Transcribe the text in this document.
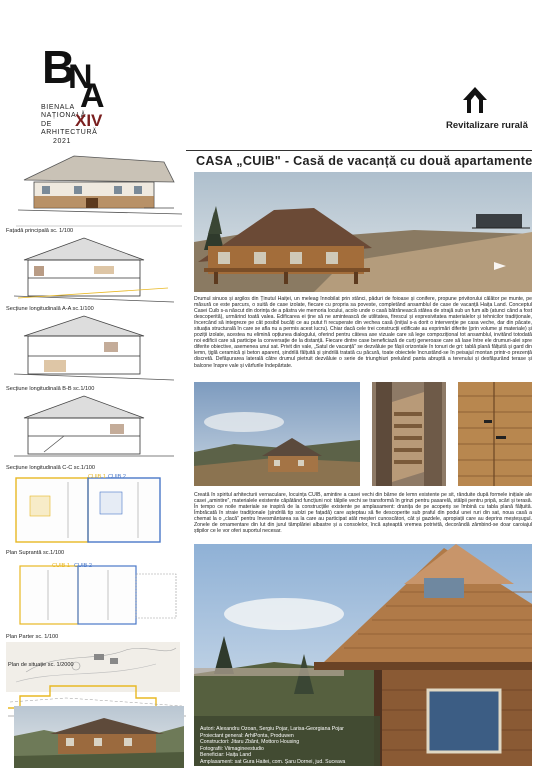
B
N
A
BIENALA
NAȚIONALĂ
DE
ARHITECTURĂ
2021
XIV	Revitalizare rurală
CASA „CUIB" - Casă de vacanță cu două apartamente
Fațadă principală sc. 1/100
Secțiune longitudinală A-A sc.1/100
Secțiune longitudinală B-B sc.1/100
Secțiune longitudinală C-C sc.1/100
CUIB 1 CUIB 2
Plan Suprantă sc.1/100
CUIB 1 CUIB 2
Plan Parter sc. 1/100
Plan de situație sc. 1/2000
Drumul sinuos și argilos din Ținutul Haiței, un meleag înnobilat prin stânci, păduri de foioase și conifere, propune privitorului călător pe munte, pe măsură ce este parcurs, o suită de case izolate, fiecare cu propria sa poveste, completând ansamblul de case de vacanță Haița Land. Conceptul Casei Cuib s-a născut din dorința de a păstra vie memoria locului, acolo unde o casă bătrânească stătea de strajă sub un fum alb (atunci când a fost descoperită), urmărind toată valea. Edificarea ei ține să ne amintească de utilitatea, firescul și expresivitatea materialelor și tehnicilor tradiționale, încercând să integreze pe cât posibil bucăți ce au putut fi recuperate din vechea casă (inițial s-a dorit o intervenție pe casa veche, dar din păcate, situația structurală în care se afla nu a permis acest lucru). Chiar dacă cele trei construcții edificate au exprimări diferite (prin volume și materiale) și poziții izolate, acestea nu elimină opțiunea dialogului, oferind pentru câteva axe vizuale care să lege compozițional tot ansamblul, invitând totodată noi edificii care să participe la conversație de la distanță. Fiecare dintre case beneficiază de curți generoase care să lase între ele drumuri-alei spre diferite obiective, asemenea unui sat. Privit din vale, „Satul de vacanță” se dezvăluie pe fâșii orizontale în tonuri de gri: tablă plană fălțuită și gard din lemn, țiglă ceramică și beton aparent, șindrilă fălțuită și șindrilă tratată cu păcură, toate obiectele încrustând-se în peisajul montan printr-o prezență discretă. Defășurarea laterală către drumul pietruit dezvăluie o serie de triunghiuri preluând panta abruptă a terenului și desfășurând terase și balcone înspre vale și vârfurile îndepărtate.
Creată în spiritul arhitecturii vernaculare, locuința CUIB, amintire a casei vechi din bârne de lemn existente pe sit, rânduite după formele inițiale ale casei „amintire”, materialele existente căpătând funcțiuni noi: tâlpile vechi se transformă în grinzi pentru pasarelă, stâlpii pentru pripă, scări și terasă. În tempo ce noile materiale se inspiră de la construcțiile existente pe amplasament: dranița de pe acoperiș se îmbină cu tabla plană fălțuită. Îmbrăcată în straie tradiționale (șindrilă tip solzi pe fațadă) care așteptau să fie descoperite sub praful din podul unei ruri din sat, noua casă a chemat la o „clacă” pentru învesmântarea sa la care au participat atât meșteri cunoscători, cât și gazdele, apropiații care au deprins meșteșugul. Zonele de ornamentare din lut din jurul tâmplăriei albastre și a consolelor, încă așteaptă vremea potrivită, decorândă zâmbind-se doar caroiajul știpilor ce le vor oferi suportul necesar.
Autori: Alexandru Ozoan, Sergiu Pojar, Larisa-Georgiana Pojar
Proiectant general: ArhiPonta, Produwen
Constructori: Jitaru Zbânt, Mottoro Housing
Fotografii: Viimagineestudio
Beneficiar: Haița Land
Amplasament: sat Gura Haitei, com. Șaru Dornei, jud. Suceava
